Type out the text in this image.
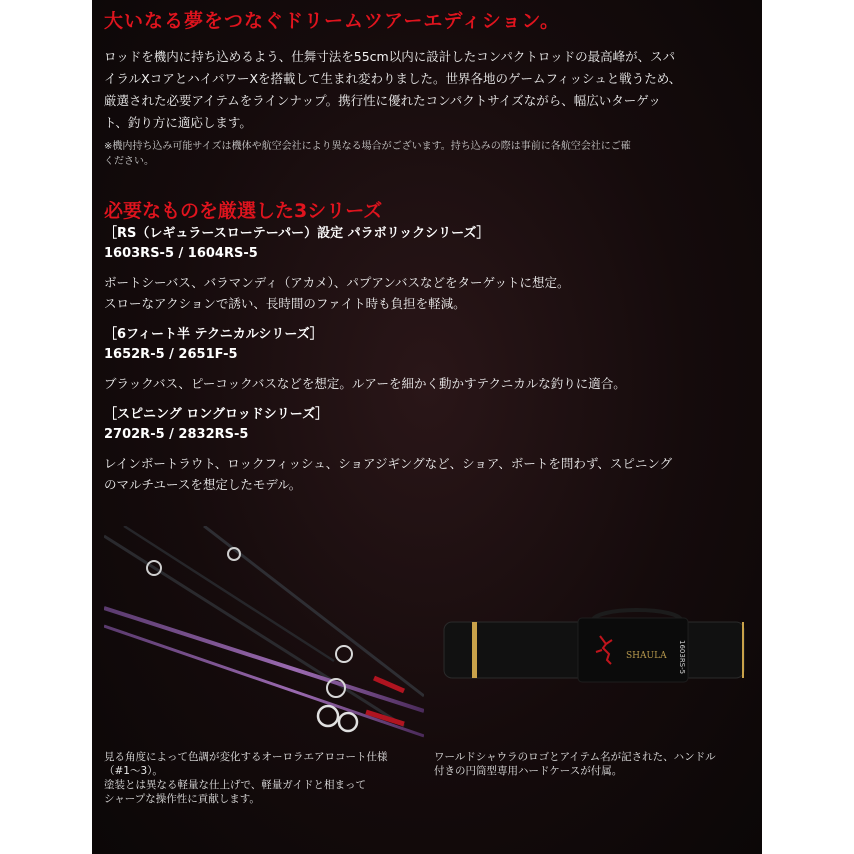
大いなる夢をつなぐドリームツアーエディション。

ロッドを機内に持ち込めるよう、仕舞寸法を55cm以内に設計したコンパクトロッドの最高峰が、スパ
イラルXコアとハイパワーXを搭載して生まれ変わりました。世界各地のゲームフィッシュと戦うため、
厳選された必要アイテムをラインナップ。携行性に優れたコンパクトサイズながら、幅広いターゲッ
ト、釣り方に適応します。

※機内持ち込み可能サイズは機体や航空会社により異なる場合がございます。持ち込みの際は事前に各航空会社にご確
ください。

必要なものを厳選した3シリーズ

［RS（レギュラースローテーパー）設定 パラボリックシリーズ］

1603RS-5 / 1604RS-5

ボートシーバス、バラマンディ（アカメ）、パプアンバスなどをターゲットに想定。
スローなアクションで誘い、長時間のファイト時も負担を軽減。

［6フィート半 テクニカルシリーズ］

1652R-5 / 2651F-5

ブラックバス、ピーコックバスなどを想定。ルアーを細かく動かすテクニカルな釣りに適合。

［スピニング ロングロッドシリーズ］

2702R-5 / 2832RS-5

レインボートラウト、ロックフィッシュ、ショアジギングなど、ショア、ボートを問わず、スピニング
のマルチユースを想定したモデル。

SHAULA 1603RS-5

見る角度によって色調が変化するオーロラエアロコート仕様
（#1〜3）。
塗装とは異なる軽量な仕上げで、軽量ガイドと相まって
シャープな操作性に貢献します。

ワールドシャウラのロゴとアイテム名が記された、ハンドル
付きの円筒型専用ハードケースが付属。
